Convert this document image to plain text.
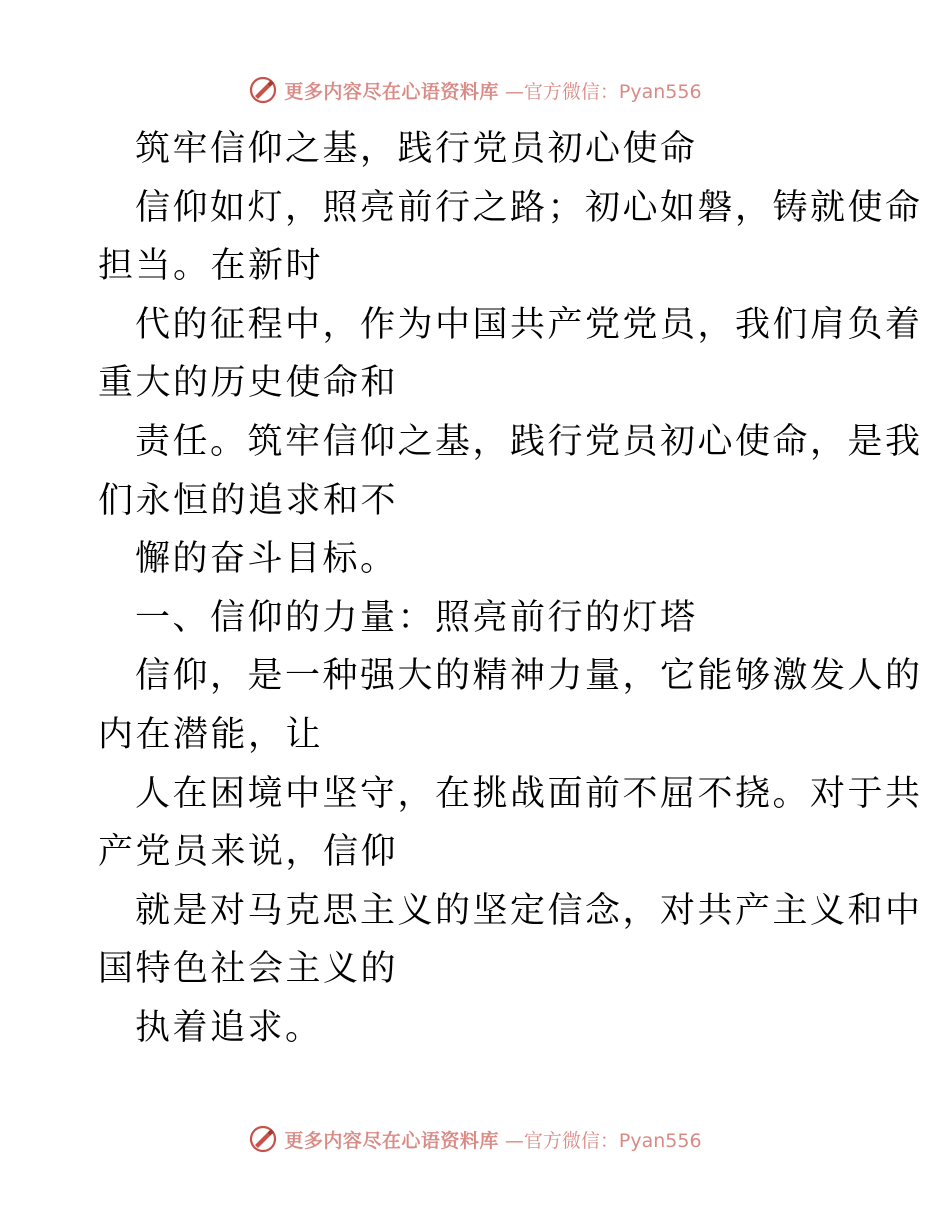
更多内容尽在心语资料库 —官方微信：Pyan556
筑牢信仰之基，践行党员初心使命
信仰如灯，照亮前行之路；初心如磐，铸就使命
担当。在新时
代的征程中，作为中国共产党党员，我们肩负着
重大的历史使命和
责任。筑牢信仰之基，践行党员初心使命，是我
们永恒的追求和不
懈的奋斗目标。
一、信仰的力量：照亮前行的灯塔
信仰，是一种强大的精神力量，它能够激发人的
内在潜能，让
人在困境中坚守，在挑战面前不屈不挠。对于共
产党员来说，信仰
就是对马克思主义的坚定信念，对共产主义和中
国特色社会主义的
执着追求。
更多内容尽在心语资料库 —官方微信：Pyan556
